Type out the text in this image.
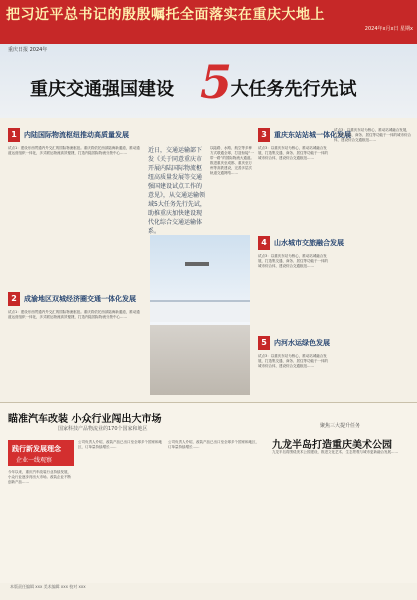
把习近平总书记的殷殷嘱托全面落实在重庆大地上
2024年x月x日 星期x
重庆日报 2024年
重庆交通强国建设	大任务先行先试
5
1	内陆国际物流枢纽推动高质量发展
试点1：建设东西贯通内外交汇的国际物流枢纽。重庆将依托西部陆海新通道，推动通道运营组织一体化，多式联运物流高效便捷，打造内陆国际物流分拨中心……	近日，交通运输部下发《关于同意重庆市开展内陆国际物流枢纽高质量发展等交通强国建设试点工作的意见》，从交通运输领域5大任务先行先试，助推重庆加快建设现代化综合交通运输体系。
以陆路、水路、航空等多种方式联通全球，打造衔接“一带一路”的国际物流大通道。推进重庆至成都、重庆至万州等高铁建设，完善多层次轨道交通网络……
2	成渝地区双城经济圈交通一体化发展
试点1：建设东西贯通内外交汇的国际物流枢纽。重庆将依托西部陆海新通道，推动通道运营组织一体化，多式联运物流高效便捷，打造内陆国际物流分拨中心……
3	重庆东站站城一体化发展
试点3：以重庆东站为核心，推动站城融合发展，打造集交通、商务、居住等功能于一体的城市综合体，建设综合交通枢纽……
4	山水城市交旅融合发展
试点3：以重庆东站为核心，推动站城融合发展，打造集交通、商务、居住等功能于一体的城市综合体，建设综合交通枢纽……
5	内河水运绿色发展
试点3：以重庆东站为核心，推动站城融合发展，打造集交通、商务、居住等功能于一体的城市综合体，建设综合交通枢纽……
试点3：以重庆东站为核心，推动站城融合发展，打造集交通、商务、居住等功能于一体的城市综合体，建设综合交通枢纽……
瞄准汽车改装 小众行业闯出大市场
国家科技产品物流业的170个国家和地区
践行新发展理念
企业一线观察
聚焦三大提升任务
九龙半岛打造重庆美术公园
今年以来，重庆汽车改装行业持续发展，小众行业逐步闯出大市场。改装企业不断创新产品……
公司负责人介绍，改装产品已出口至全球多个国家和地区，订单量持续增长……
公司负责人介绍，改装产品已出口至全球多个国家和地区，订单量持续增长……
九龙半岛将围绕美术公园建设，推进文化艺术、生态景观与城市更新融合发展……
本版责任编辑 xxx 美术编辑 xxx 校对 xxx
